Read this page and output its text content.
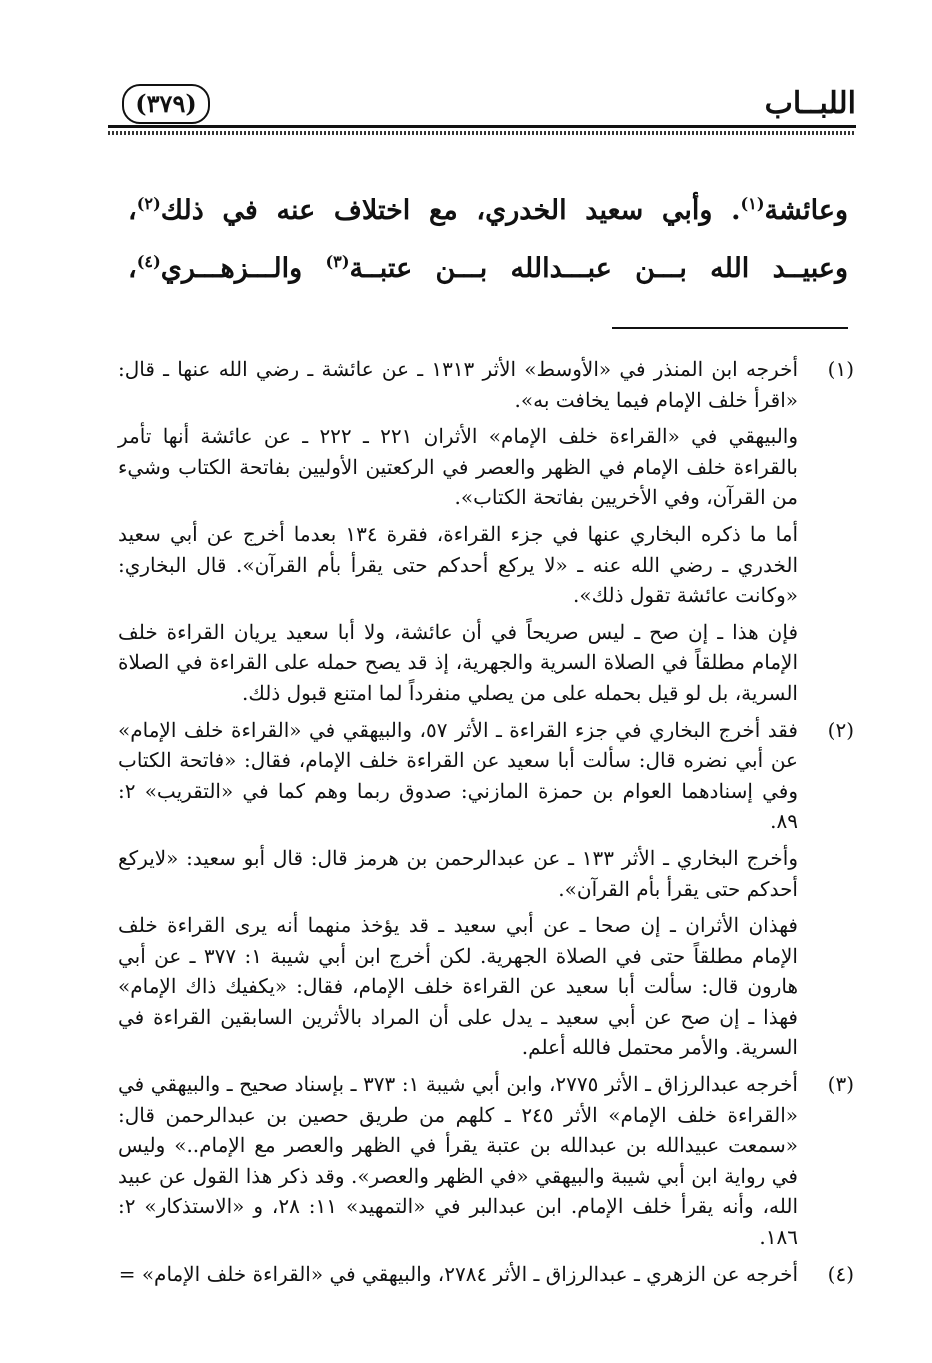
اللبــاب
(٣٧٩)

وعائشة$^{(١)}$. وأبي سعيد الخدري، مع اختلاف عنه في ذلك$^{(٢)}$،

وعبيــد الله بـــن عبـــدالله بـــن عتبــة$^{(٣)}$ والـــزهـــري$^{(٤)}$،

(١)

أخرجه ابن المنذر في «الأوسط» الأثر ١٣١٣ ـ عن عائشة ـ رضي الله عنها ـ قال: «اقرأ خلف الإمام فيما يخافت به».

والبيهقي في «القراءة خلف الإمام» الأثران ٢٢١ ـ ٢٢٢ ـ عن عائشة أنها تأمر بالقراءة خلف الإمام في الظهر والعصر في الركعتين الأوليين بفاتحة الكتاب وشيء من القرآن، وفي الأخريين بفاتحة الكتاب».

أما ما ذكره البخاري عنها في جزء القراءة، فقرة ١٣٤ بعدما أخرج عن أبي سعيد الخدري ـ رضي الله عنه ـ «لا يركع أحدكم حتى يقرأ بأم القرآن». قال البخاري: «وكانت عائشة تقول ذلك».

فإن هذا ـ إن صح ـ ليس صريحاً في أن عائشة، ولا أبا سعيد يريان القراءة خلف الإمام مطلقاً في الصلاة السرية والجهرية، إذ قد يصح حمله على القراءة في الصلاة السرية، بل لو قيل بحمله على من يصلي منفرداً لما امتنع قبول ذلك.

(٢)

فقد أخرج البخاري في جزء القراءة ـ الأثر ٥٧، والبيهقي في «القراءة خلف الإمام» عن أبي نضره قال: سألت أبا سعيد عن القراءة خلف الإمام، فقال: «فاتحة الكتاب وفي إسنادهما العوام بن حمزة المازني: صدوق ربما وهم كما في «التقريب» ٢: ٨٩.

وأخرج البخاري ـ الأثر ١٣٣ ـ عن عبدالرحمن بن هرمز قال: قال أبو سعيد: «لايركع أحدكم حتى يقرأ بأم القرآن».

فهذان الأثران ـ إن صحا ـ عن أبي سعيد ـ قد يؤخذ منهما أنه يرى القراءة خلف الإمام مطلقاً حتى في الصلاة الجهرية. لكن أخرج ابن أبي شيبة ١: ٣٧٧ ـ عن أبي هارون قال: سألت أبا سعيد عن القراءة خلف الإمام، فقال: «يكفيك ذاك الإمام» فهذا ـ إن صح عن أبي سعيد ـ يدل على أن المراد بالأثرين السابقين القراءة في السرية. والأمر محتمل فالله أعلم.

(٣)

أخرجه عبدالرزاق ـ الأثر ٢٧٧٥، وابن أبي شيبة ١: ٣٧٣ ـ بإسناد صحيح ـ والبيهقي في «القراءة خلف الإمام» الأثر ٢٤٥ ـ كلهم من طريق حصين بن عبدالرحمن قال: «سمعت عبيدالله بن عبدالله بن عتبة يقرأ في الظهر والعصر مع الإمام..» وليس في رواية ابن أبي شيبة والبيهقي «في الظهر والعصر». وقد ذكر هذا القول عن عبيد الله، وأنه يقرأ خلف الإمام. ابن عبدالبر في «التمهيد» ١١: ٢٨، و «الاستذكار» ٢: ١٨٦.

(٤)

أخرجه عن الزهري ـ عبدالرزاق ـ الأثر ٢٧٨٤، والبيهقي في «القراءة خلف الإمام» =
